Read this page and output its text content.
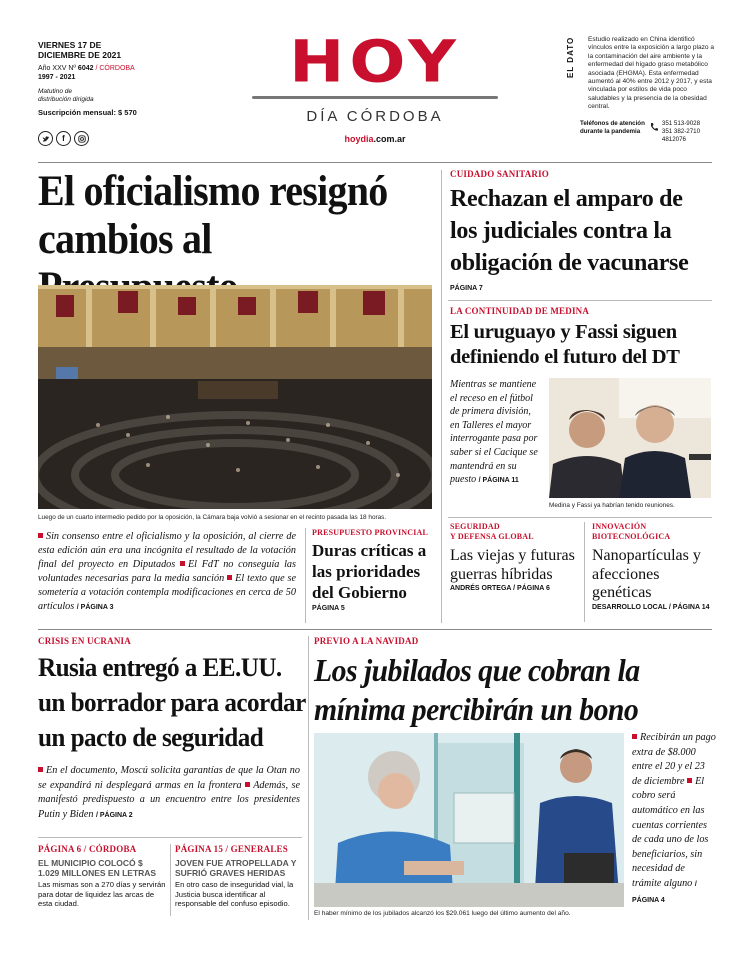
VIERNES 17 DE
DICIEMBRE DE 2021
Año XXV Nº 6042 / CÓRDOBA
1997 - 2021
Matutino de
distribución dirigida
Suscripción mensual: $ 570
f
HOY
DÍA CÓRDOBA
hoydia.com.ar
EL DATO Estudio realizado en China identificó vínculos entre la exposición a largo plazo a la contaminación del aire ambiente y la enfermedad del hígado graso metabólico asociada (EHGMA). Esta enfermedad aumentó al 40% entre 2012 y 2017, y esta vinculada por estilos de vida poco saludables y la presencia de la obesidad central.
Teléfonos de atención
durante la pandemia
351 513-9028
351 382-2710
4812076
El oficialismo resignó
cambios al
Luego de un cuarto intermedio pedido por la oposición, la Cámara baja volvió a sesionar en el recinto pasada las 18 horas.
Sin consenso entre el oficialismo y la oposición, al cierre de esta edición aún era una incógnita el resultado de la votación final del proyecto en Diputados El FdT no conseguía las voluntades necesarias para la media sanción El texto que se sometería a votación contempla modificaciones en cerca de 50 artículos / PÁGINA 3
PRESUPUESTO PROVINCIAL
Duras críticas a las prioridades del Gobierno
PÁGINA 5
CUIDADO SANITARIO
Rechazan el amparo de los judiciales contra la obligación de vacunarse
PÁGINA 7
LA CONTINUIDAD DE MEDINA
El uruguayo y Fassi siguen definiendo el futuro del DT
Mientras se mantiene el receso en el fútbol de primera división, en Talleres el mayor interrogante pasa por saber si el Cacique se mantendrá en su puesto / PÁGINA 11
Medina y Fassi ya habrían tenido reuniones.
SEGURIDAD
Y DEFENSA GLOBAL
Las viejas y futuras guerras híbridas
ANDRÉS ORTEGA / PÁGINA 6
INNOVACIÓN
BIOTECNOLÓGICA
Nanopartículas y afecciones genéticas
DESARROLLO LOCAL / PÁGINA 14
CRISIS EN UCRANIA
Rusia entregó a EE.UU.
un borrador para acordar
un pacto de seguridad
En el documento, Moscú solicita garantías de que la Otan no se expandirá ni desplegará armas en la frontera Además, se manifestó predispuesto a un encuentro entre los presidentes Putin y Biden / PÁGINA 2
PÁGINA 6 / CÓRDOBA
EL MUNICIPIO COLOCÓ $ 1.029 MILLONES EN LETRAS
Las mismas son a 270 días y servirán para dotar de liquidez las arcas de esta ciudad.
PÁGINA 15 / GENERALES
JOVEN FUE ATROPELLADA Y SUFRIÓ GRAVES HERIDAS
En otro caso de inseguridad vial, la Justicia busca identificar al responsable del confuso episodio.
PREVIO A LA NAVIDAD
Los jubilados que cobran la
mínima percibirán un bono
El haber mínimo de los jubilados alcanzó los $29.061 luego del último aumento del año.
Recibirán un pago extra de $8.000 entre el 20 y el 23 de diciembre El cobro será automático en las cuentas corrientes de cada uno de los beneficiarios, sin necesidad de trámite alguno / PÁGINA 4
